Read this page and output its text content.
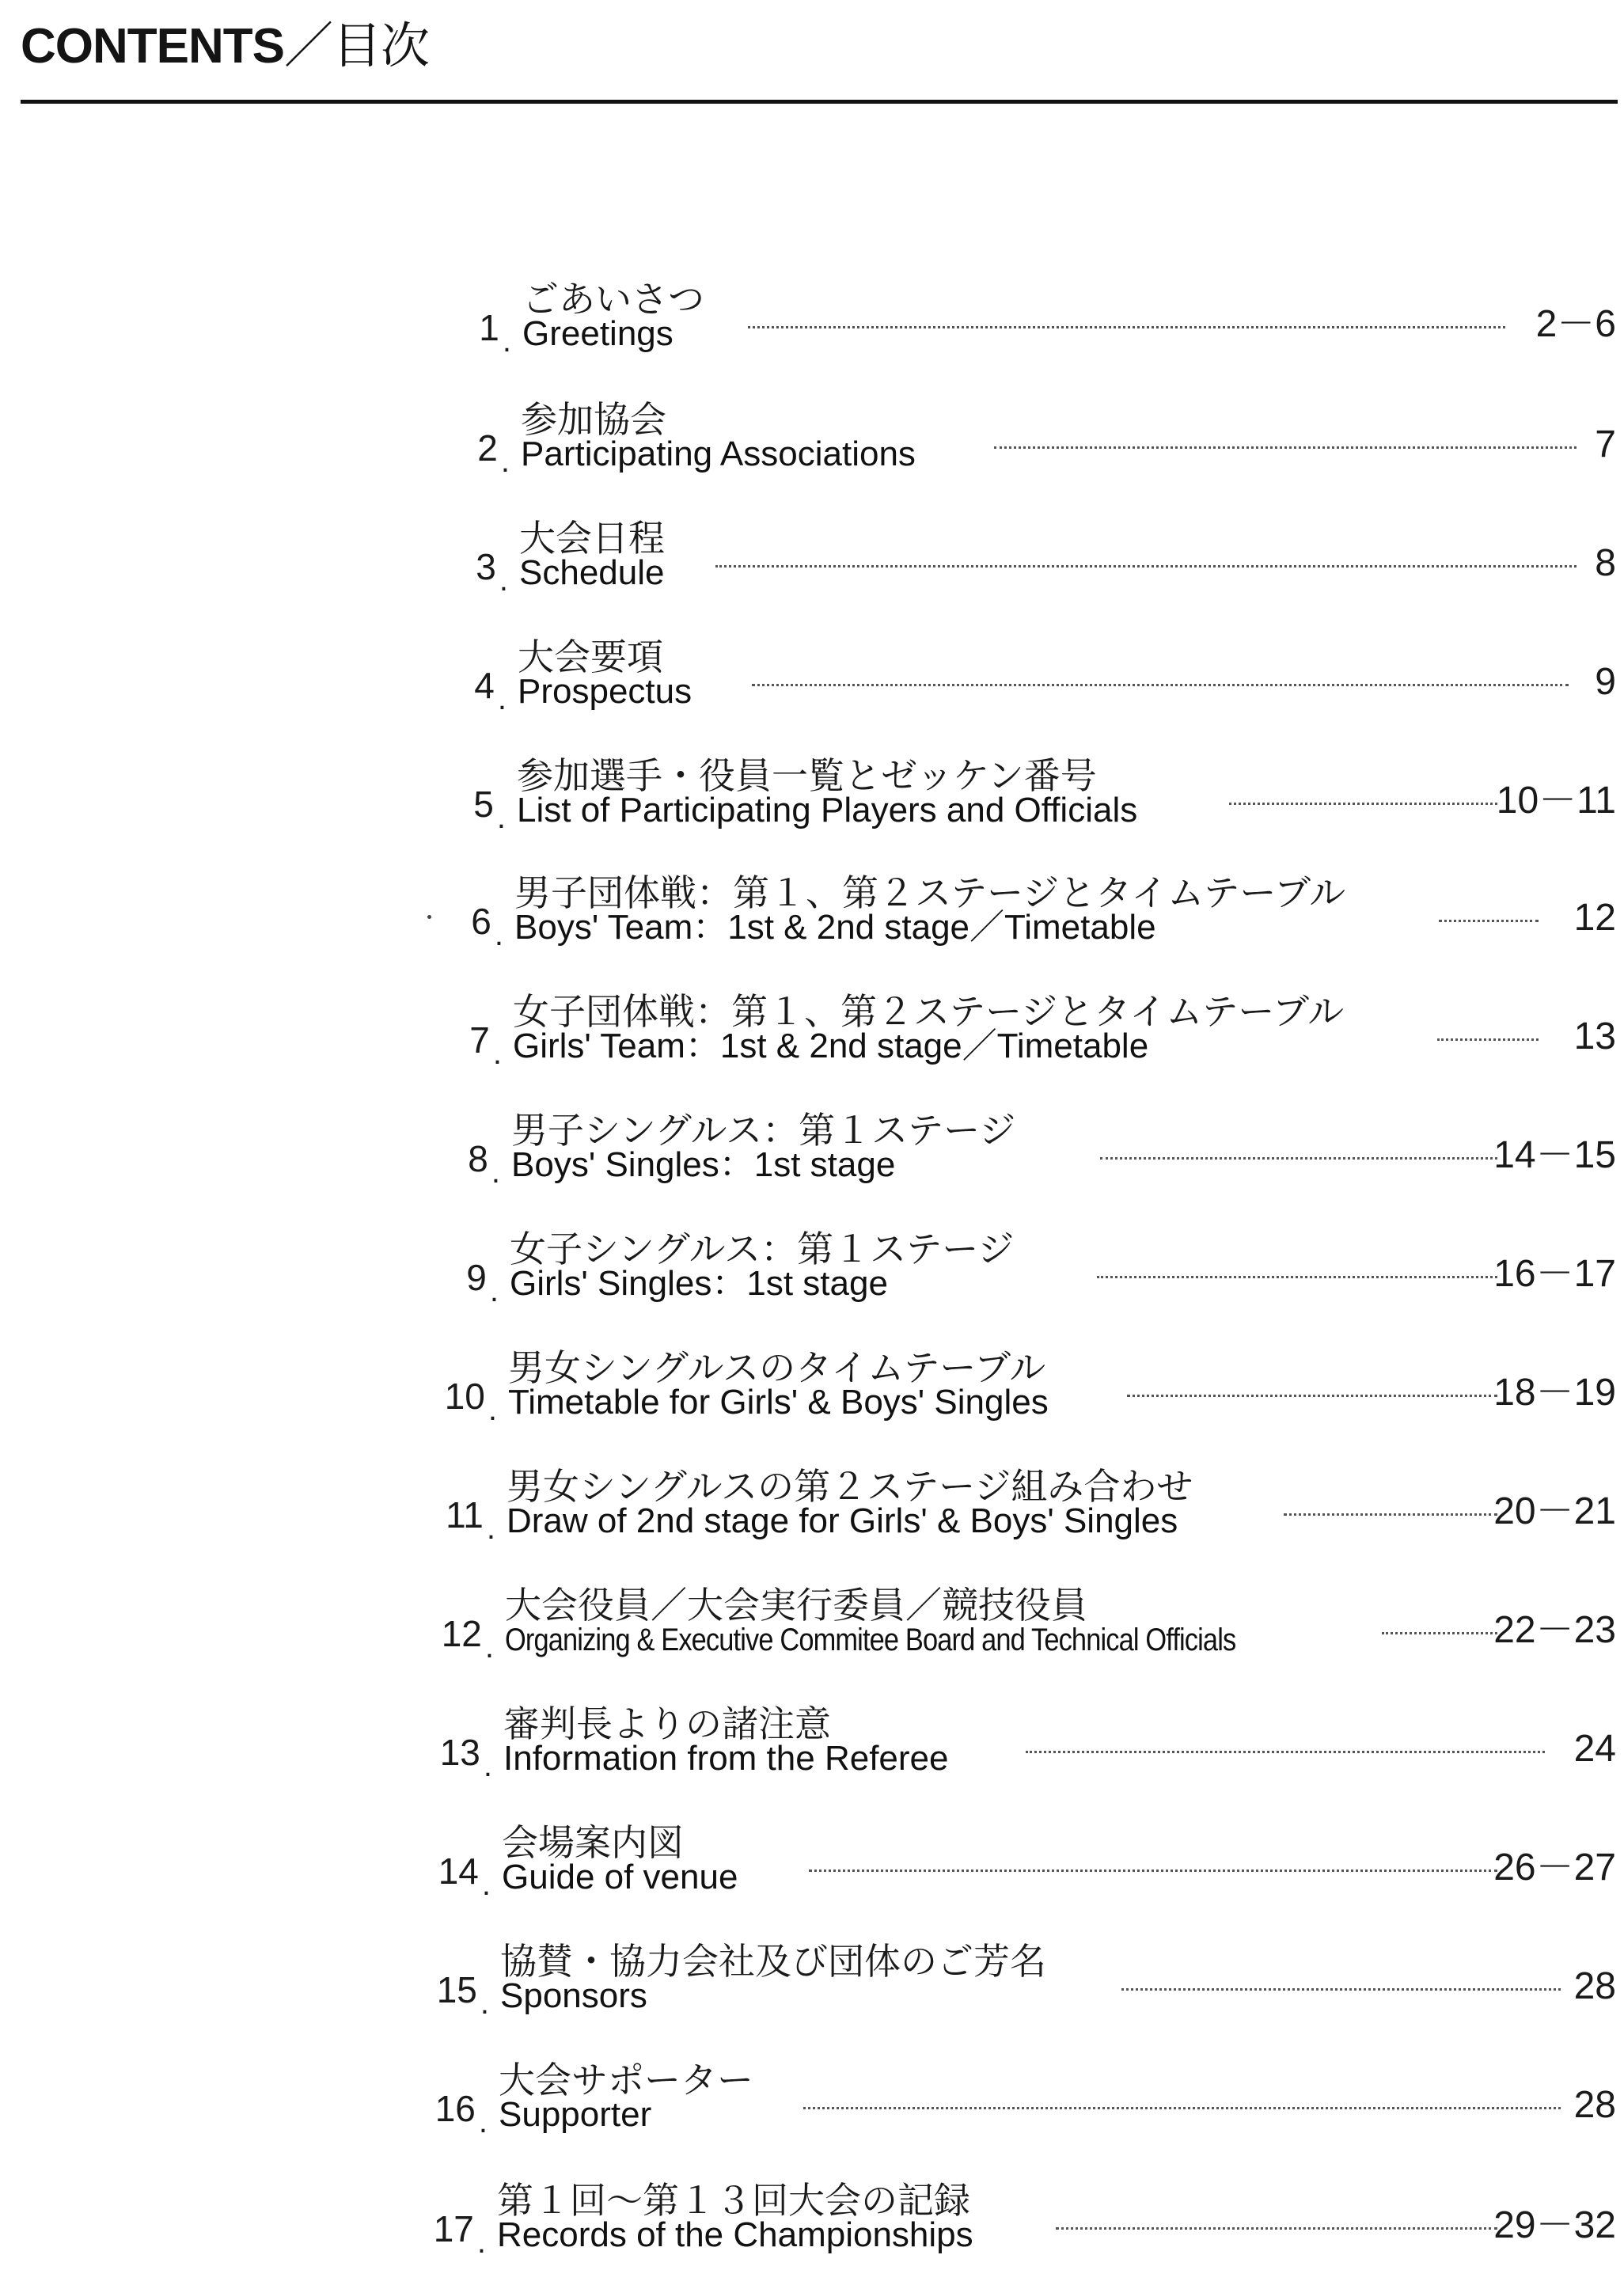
CONTENTS／目次
1 .
ごあいさつ
Greetings	2－6
2 .
参加協会
Participating Associations	7
3 .
大会日程
Schedule	8
4 .
大会要項
Prospectus	9
5 .
参加選手・役員一覧とゼッケン番号
List of Participating Players and Officials	10－11
6 .
男子団体戦：第１、第２ステージとタイムテーブル
Boys' Team：1st & 2nd stage／Timetable	12
7 .
女子団体戦：第１、第２ステージとタイムテーブル
Girls' Team：1st & 2nd stage／Timetable	13
8 .
男子シングルス：第１ステージ
Boys' Singles：1st stage	14－15
9 .
女子シングルス：第１ステージ
Girls' Singles：1st stage	16－17
10 .
男女シングルスのタイムテーブル
Timetable for Girls' & Boys' Singles	18－19
11 .
男女シングルスの第２ステージ組み合わせ
Draw of 2nd stage for Girls' & Boys' Singles	20－21
12 .
大会役員／大会実行委員／競技役員
Organizing & Executive Commitee Board and Technical Officials	22－23
13 .
審判長よりの諸注意
Information from the Referee	24
14 .
会場案内図
Guide of venue	26－27
15 .
協賛・協力会社及び団体のご芳名
Sponsors	28
16 .
大会サポーター
Supporter	28
17 .
第１回～第１３回大会の記録
Records of the Championships	29－32
